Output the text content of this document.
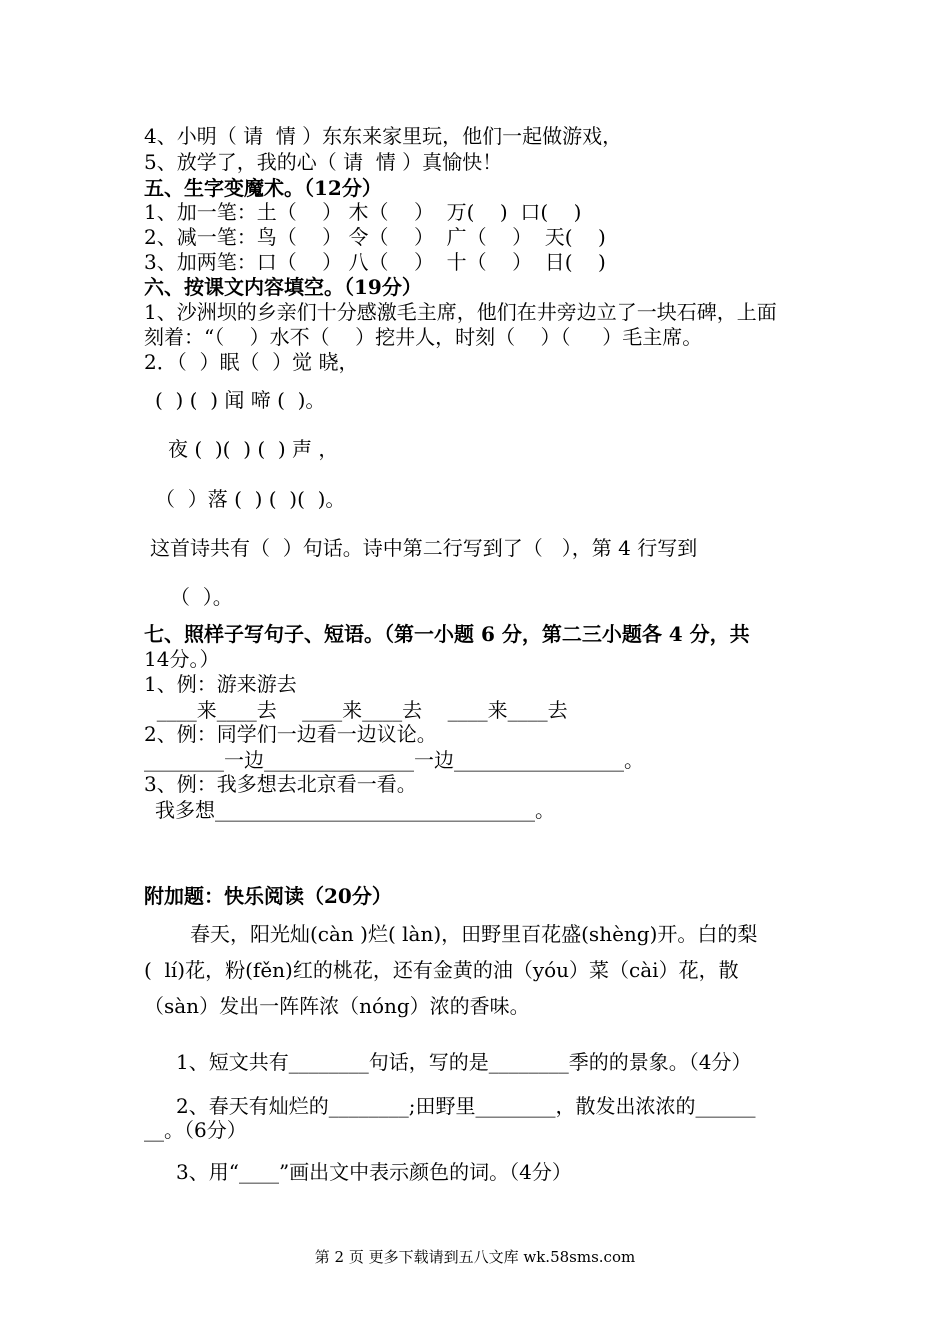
4、小明（ 请  情 ）东东来家里玩，他们一起做游戏，
5、放学了，我的心（ 请  情 ）真愉快！
五、生字变魔术。（12分）
1、加一笔：土（    ） 木（    ）  万(    )  口(    )
2、减一笔：鸟（    ） 令（    ）  广（    ）  天(    )
3、加两笔：口（    ） 八（    ）  十（    ）  日(    )
六、按课文内容填空。（19分）
1、沙洲坝的乡亲们十分感激毛主席，他们在井旁边立了一块石碑，上面
刻着：“（    ）水不（    ）挖井人，时刻（    ）（     ）毛主席。
2．（  ）眠（  ）觉 晓，
(  ) (  ) 闻 啼 (  )。
夜 (  )(  ) (  ) 声 ，
（  ）落 (  ) (  )(  )。
这首诗共有（  ）句话。诗中第二行写到了（   ），第 4 行写到
（  ）。
七、照样子写句子、短语。（第一小题 6 分，第二三小题各 4 分，共
14分。）
1、例：游来游去
____来____去    ____来____去    ____来____去
2、例：同学们一边看一边议论。
________一边_______________一边_________________。
3、例：我多想去北京看一看。
我多想________________________________。
附加题：快乐阅读（20分）
春天，阳光灿(càn )烂( làn)，田野里百花盛(shèng)开。白的梨
(  lí)花，粉(fěn)红的桃花，还有金黄的油（yóu）菜（cài）花，散
（sàn）发出一阵阵浓（nóng）浓的香味。
1、短文共有________句话，写的是________季的的景象。（4分）
2、春天有灿烂的________;田野里________，散发出浓浓的______
__。（6分）
3、用“____”画出文中表示颜色的词。（4分）
第 2 页 更多下载请到五八文库 wk.58sms.com
